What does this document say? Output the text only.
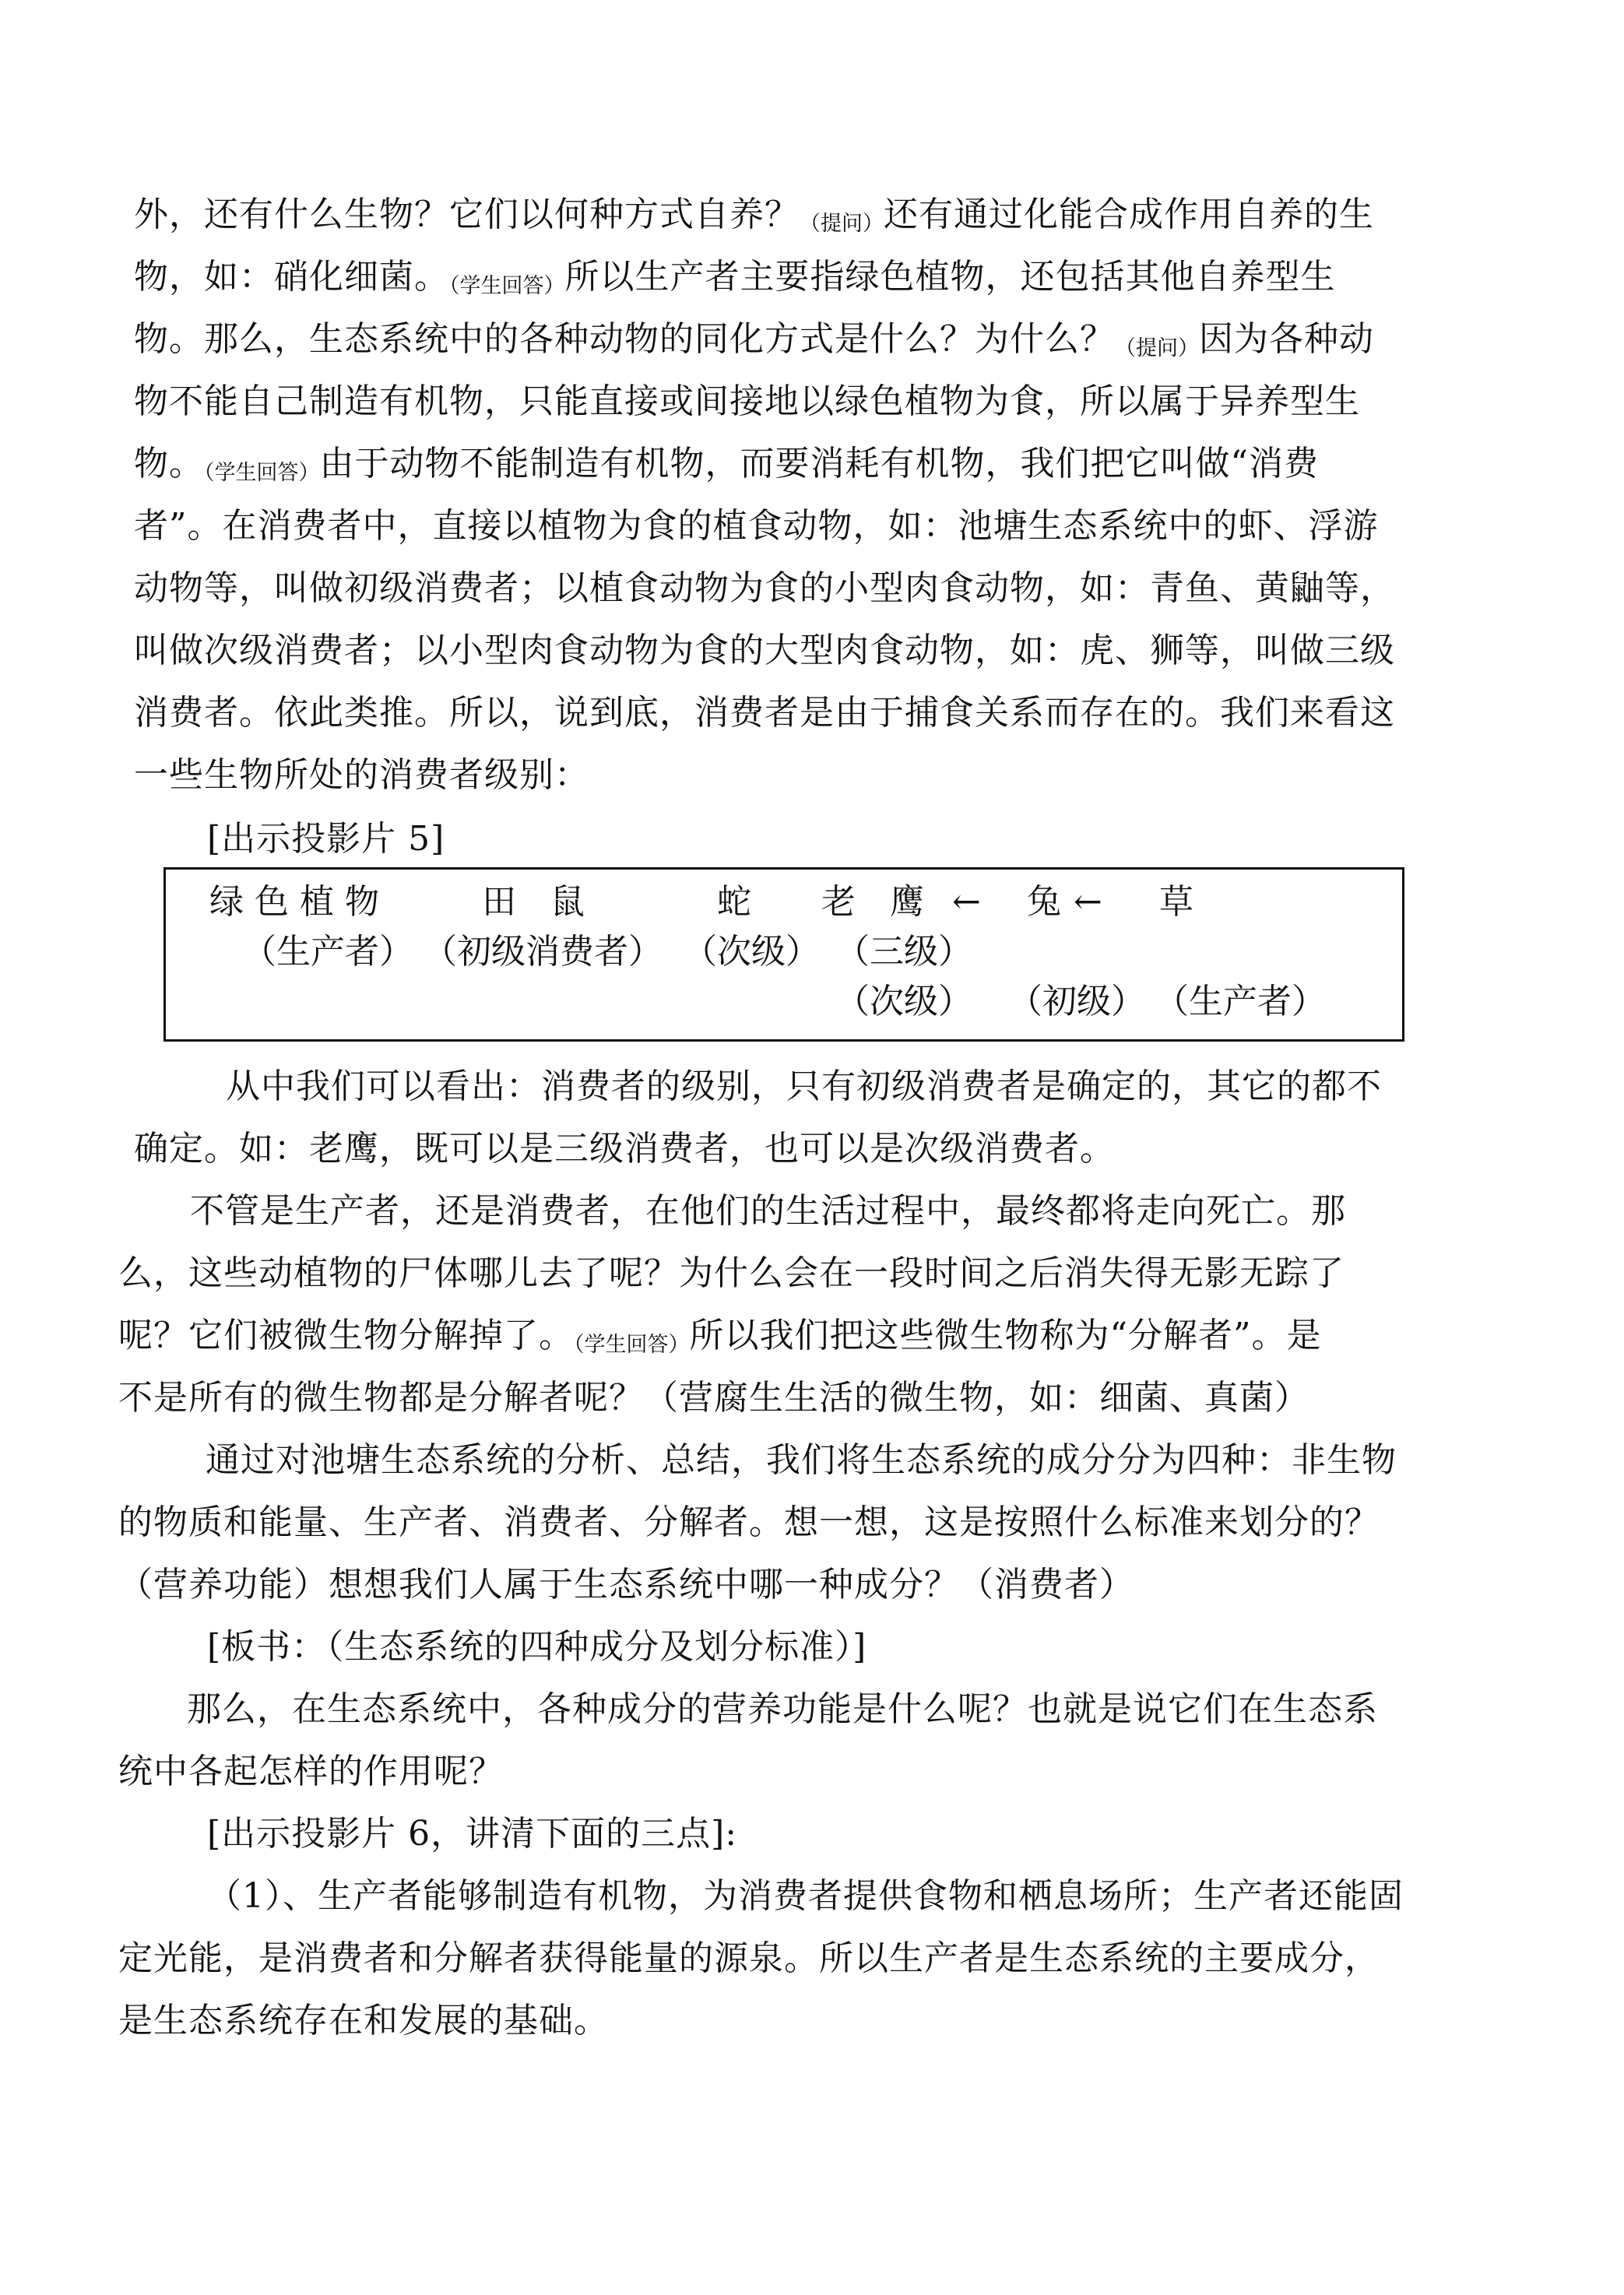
外，还有什么生物？它们以何种方式自养？（提问）还有通过化能合成作用自养的生
物，如：硝化细菌。（学生回答）所以生产者主要指绿色植物，还包括其他自养型生
物。那么，生态系统中的各种动物的同化方式是什么？为什么？（提问）因为各种动
物不能自己制造有机物，只能直接或间接地以绿色植物为食，所以属于异养型生
物。（学生回答）由于动物不能制造有机物，而要消耗有机物，我们把它叫做“消费
者”。在消费者中，直接以植物为食的植食动物，如：池塘生态系统中的虾、浮游
动物等，叫做初级消费者；以植食动物为食的小型肉食动物，如：青鱼、黄鼬等，
叫做次级消费者；以小型肉食动物为食的大型肉食动物，如：虎、狮等，叫做三级
消费者。依此类推。所以，说到底，消费者是由于捕食关系而存在的。我们来看这
一些生物所处的消费者级别：
[出示投影片 5]
绿色植物	田　鼠	蛇 老　鹰 ← 兔 ← 草
（生产者） （初级消费者） （次级） （三级）
（次级） （初级） （生产者）
从中我们可以看出：消费者的级别，只有初级消费者是确定的，其它的都不
确定。如：老鹰，既可以是三级消费者，也可以是次级消费者。
不管是生产者，还是消费者，在他们的生活过程中，最终都将走向死亡。那
么，这些动植物的尸体哪儿去了呢？为什么会在一段时间之后消失得无影无踪了
呢？它们被微生物分解掉了。（学生回答）所以我们把这些微生物称为“分解者”。是
不是所有的微生物都是分解者呢？（营腐生生活的微生物，如：细菌、真菌）
通过对池塘生态系统的分析、总结，我们将生态系统的成分分为四种：非生物
的物质和能量、生产者、消费者、分解者。想一想，这是按照什么标准来划分的？
（营养功能）想想我们人属于生态系统中哪一种成分？（消费者）
[板书：（生态系统的四种成分及划分标准）]
那么，在生态系统中，各种成分的营养功能是什么呢？也就是说它们在生态系
统中各起怎样的作用呢？
[出示投影片 6，讲清下面的三点]:
（1）、生产者能够制造有机物，为消费者提供食物和栖息场所；生产者还能固
定光能，是消费者和分解者获得能量的源泉。所以生产者是生态系统的主要成分，
是生态系统存在和发展的基础。
